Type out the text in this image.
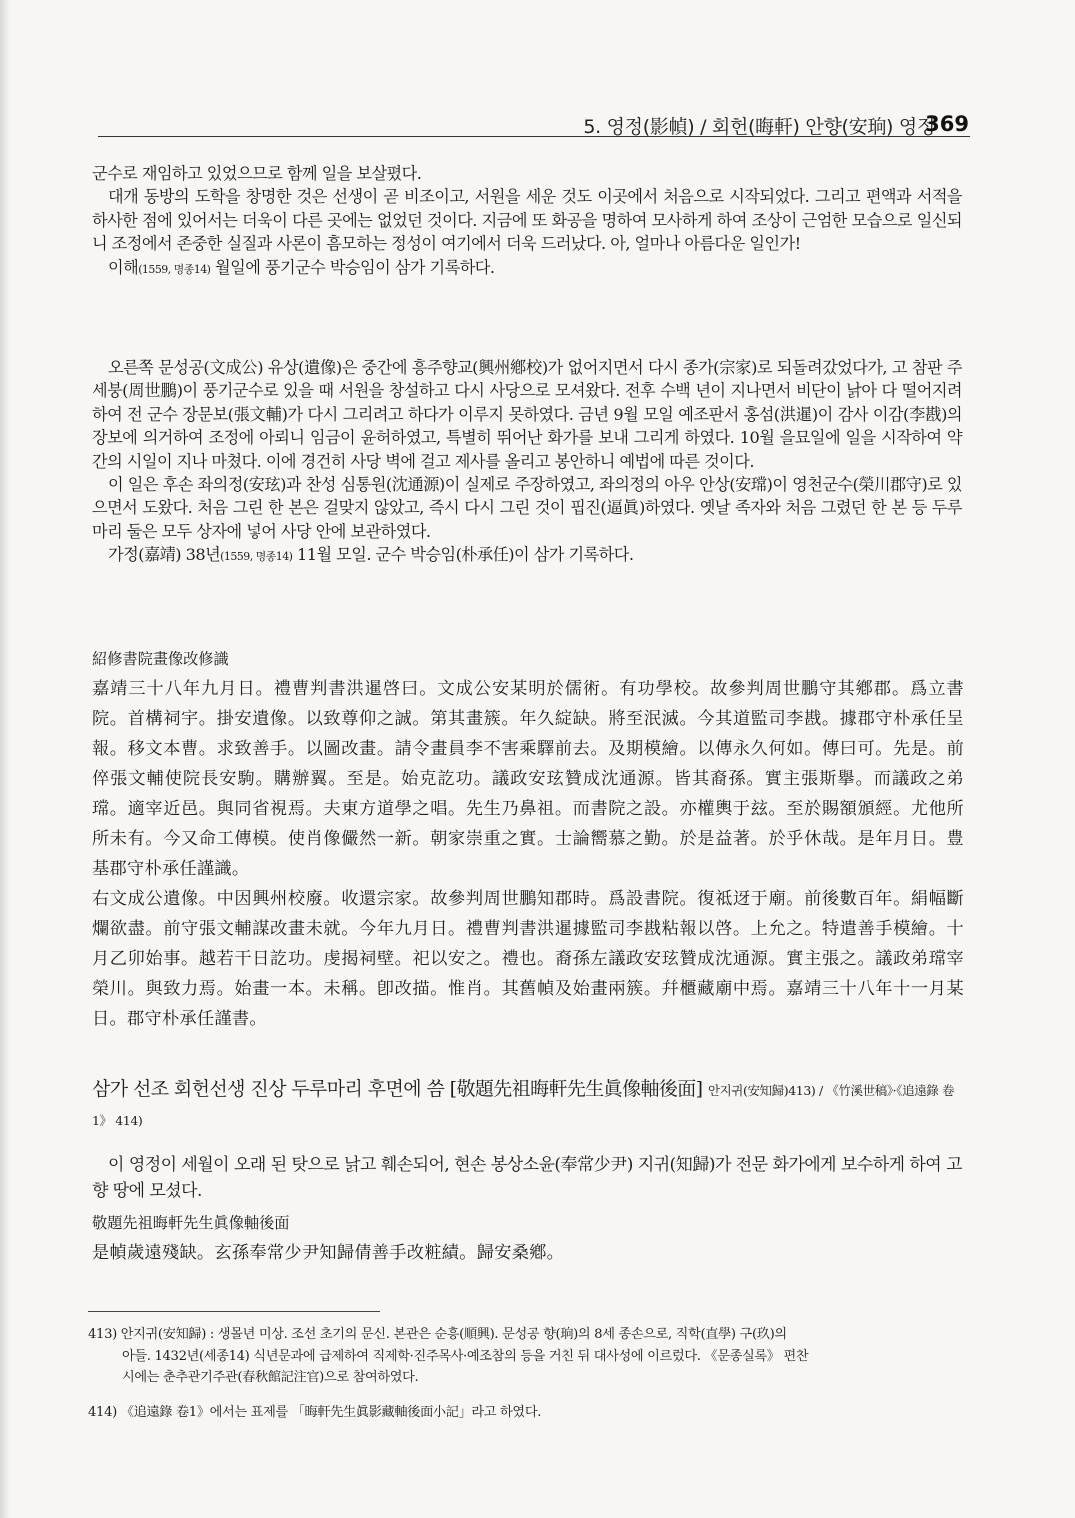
5. 영정(影幀) / 회헌(晦軒) 안향(安珦) 영정
369

군수로 재임하고 있었으므로 함께 일을 보살폈다.

대개 동방의 도학을 창명한 것은 선생이 곧 비조이고, 서원을 세운 것도 이곳에서 처음으로 시작되었다. 그리고 편액과 서적을 하사한 점에 있어서는 더욱이 다른 곳에는 없었던 것이다. 지금에 또 화공을 명하여 모사하게 하여 조상이 근엄한 모습으로 일신되니 조정에서 존중한 실질과 사론이 흠모하는 정성이 여기에서 더욱 드러났다. 아, 얼마나 아름다운 일인가!

이해(1559, 명종14) 월일에 풍기군수 박승임이 삼가 기록하다.

오른쪽 문성공(文成公) 유상(遺像)은 중간에 흥주향교(興州鄕校)가 없어지면서 다시 종가(宗家)로 되돌려갔었다가, 고 참판 주세붕(周世鵬)이 풍기군수로 있을 때 서원을 창설하고 다시 사당으로 모셔왔다. 전후 수백 년이 지나면서 비단이 낡아 다 떨어지려 하여 전 군수 장문보(張文輔)가 다시 그리려고 하다가 이루지 못하였다. 금년 9월 모일 예조판서 홍섬(洪暹)이 감사 이감(李戡)의 장보에 의거하여 조정에 아뢰니 임금이 윤허하였고, 특별히 뛰어난 화가를 보내 그리게 하였다. 10월 을묘일에 일을 시작하여 약간의 시일이 지나 마쳤다. 이에 경건히 사당 벽에 걸고 제사를 올리고 봉안하니 예법에 따른 것이다.

이 일은 후손 좌의정(安玹)과 찬성 심통원(沈通源)이 실제로 주장하였고, 좌의정의 아우 안상(安瑺)이 영천군수(榮川郡守)로 있으면서 도왔다. 처음 그린 한 본은 걸맞지 않았고, 즉시 다시 그린 것이 핍진(逼眞)하였다. 옛날 족자와 처음 그렸던 한 본 등 두루마리 둘은 모두 상자에 넣어 사당 안에 보관하였다.

가정(嘉靖) 38년(1559, 명종14) 11월 모일. 군수 박승임(朴承任)이 삼가 기록하다.

紹修書院畫像改修識

嘉靖三十八年九月日。禮曹判書洪暹啓曰。文成公安某明於儒術。有功學校。故參判周世鵬守其鄕郡。爲立書院。首構祠宇。掛安遺像。以致尊仰之誠。第其畫簇。年久綻缺。將至泯滅。今其道監司李戡。據郡守朴承任呈報。移文本曹。求致善手。以圖改畫。請令畫員李不害乘驛前去。及期模繪。以傳永久何如。傳曰可。先是。前倅張文輔使院長安駒。購辦翼。至是。始克訖功。議政安玹贊成沈通源。皆其裔孫。實主張斯擧。而議政之弟瑺。適宰近邑。與同省視焉。夫東方道學之唱。先生乃鼻祖。而書院之設。亦權輿于玆。至於賜額頒經。尤他所所未有。今又命工傳模。使肖像儼然一新。朝家崇重之實。士論嚮慕之勤。於是益著。於乎休哉。是年月日。豊基郡守朴承任謹識。

右文成公遺像。中因興州校廢。收還宗家。故參判周世鵬知郡時。爲設書院。復祗迓于廟。前後數百年。絹幅斷爛欲盡。前守張文輔謀改畫未就。今年九月日。禮曹判書洪暹據監司李戡粘報以啓。上允之。特遣善手模繪。十月乙卯始事。越若干日訖功。虔揭祠壁。祀以安之。禮也。裔孫左議政安玹贊成沈通源。實主張之。議政弟瑺宰榮川。與致力焉。始畫一本。未稱。卽改描。惟肖。其舊幀及始畫兩簇。幷櫃藏廟中焉。嘉靖三十八年十一月某日。郡守朴承任謹書。

삼가 선조 회헌선생 진상 두루마리 후면에 씀 [敬題先祖晦軒先生眞像軸後面] 안지귀(安知歸)413) / 《竹溪世稿》·《追遠錄 卷1》 414)

이 영정이 세월이 오래 된 탓으로 낡고 훼손되어, 현손 봉상소윤(奉常少尹) 지귀(知歸)가 전문 화가에게 보수하게 하여 고향 땅에 모셨다.

敬題先祖晦軒先生眞像軸後面
是幀歲遠殘缺。玄孫奉常少尹知歸倩善手改粧績。歸安桑鄕。
413) 안지귀(安知歸) : 생몰년 미상. 조선 초기의 문신. 본관은 순흥(順興). 문성공 향(珦)의 8세 종손으로, 직학(直學) 구(玖)의
아들. 1432년(세종14) 식년문과에 급제하여 직제학·진주목사·예조참의 등을 거친 뒤 대사성에 이르렀다. 《문종실록》 편찬
시에는 춘추관기주관(春秋館記注官)으로 참여하였다.
414) 《追遠錄 卷1》에서는 표제를 「晦軒先生眞影藏軸後面小記」라고 하였다.
